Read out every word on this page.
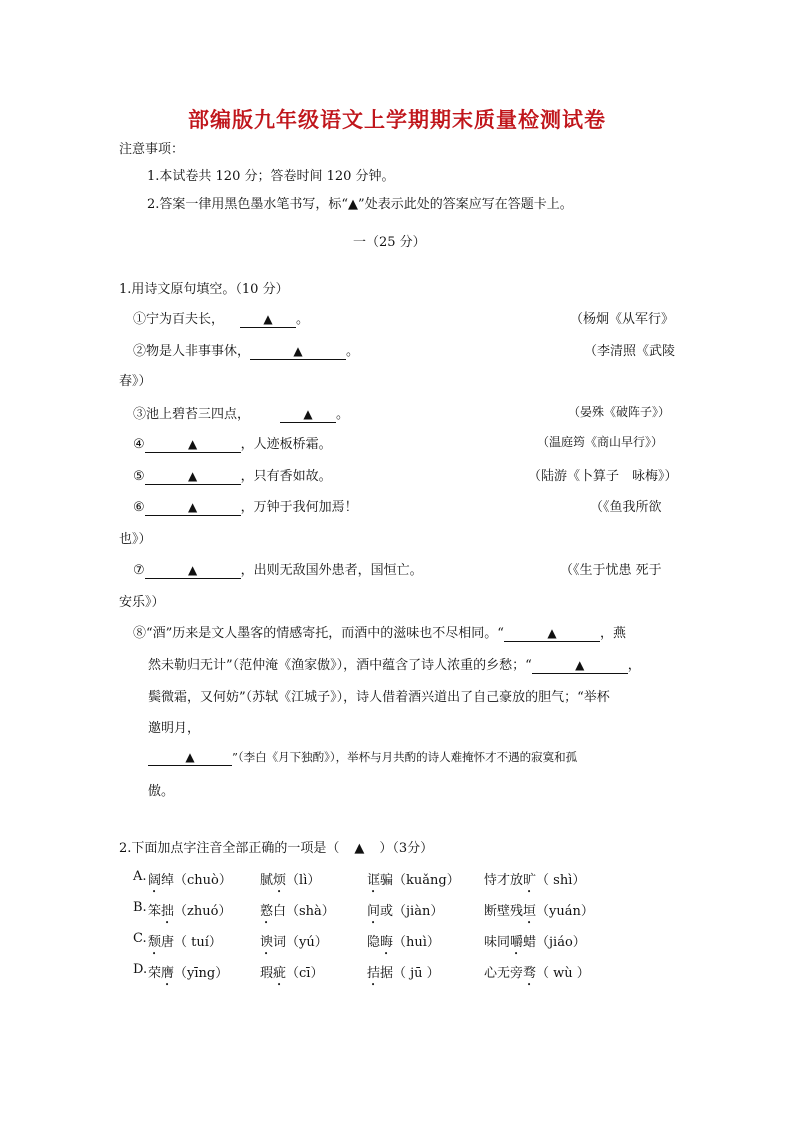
部编版九年级语文上学期期末质量检测试卷
注意事项：
1.本试卷共 120 分；答卷时间 120 分钟。
2.答案一律用黑色墨水笔书写，标“▲”处表示此处的答案应写在答题卡上。
一（25 分）
1.用诗文原句填空。（10 分）
①宁为百夫长，	▲ 。	（杨炯《从军行》
②物是人非事事休，	▲	。	（李清照《武陵
春》）
③池上碧苔三四点，	▲ 。	（晏殊《破阵子》）
④	▲	，人迹板桥霜。	（温庭筠《商山早行》）
⑤	▲	，只有香如故。	（陆游《卜算子　咏梅》）
⑥	▲	，万钟于我何加焉！	（《鱼我所欲
也》）
⑦	▲	，出则无敌国外患者，国恒亡。	（《生于忧患 死于
安乐》）
⑧“酒”历来是文人墨客的情感寄托，而酒中的滋味也不尽相同。“	▲	，燕
然未勒归无计”（范仲淹《渔家傲》），酒中蕴含了诗人浓重的乡愁；“	▲	，
鬓微霜，又何妨”（苏轼《江城子》），诗人借着酒兴道出了自己豪放的胆气；“举杯
邀明月，
▲	”（李白《月下独酌》），举杯与月共酌的诗人难掩怀才不遇的寂寞和孤
傲。
2.下面加点字注音全部正确的一项是（ ▲ ）（3分）
A. 阔绰（chuò） 腻烦（lì）	诓骗（kuǎng） 恃才放旷（ shì）
B. 笨拙（zhuó） 憝白（shà） 间或（jiàn）	断壁残垣（yuán）
C. 颓唐（ tuí）	谀词（yú）	隐晦（huì）	味同嚼蜡（jiáo）
D. 荣膺（yīng） 瑕疵（cī）	拮据（ jū ）	心无旁骛（ wù ）
